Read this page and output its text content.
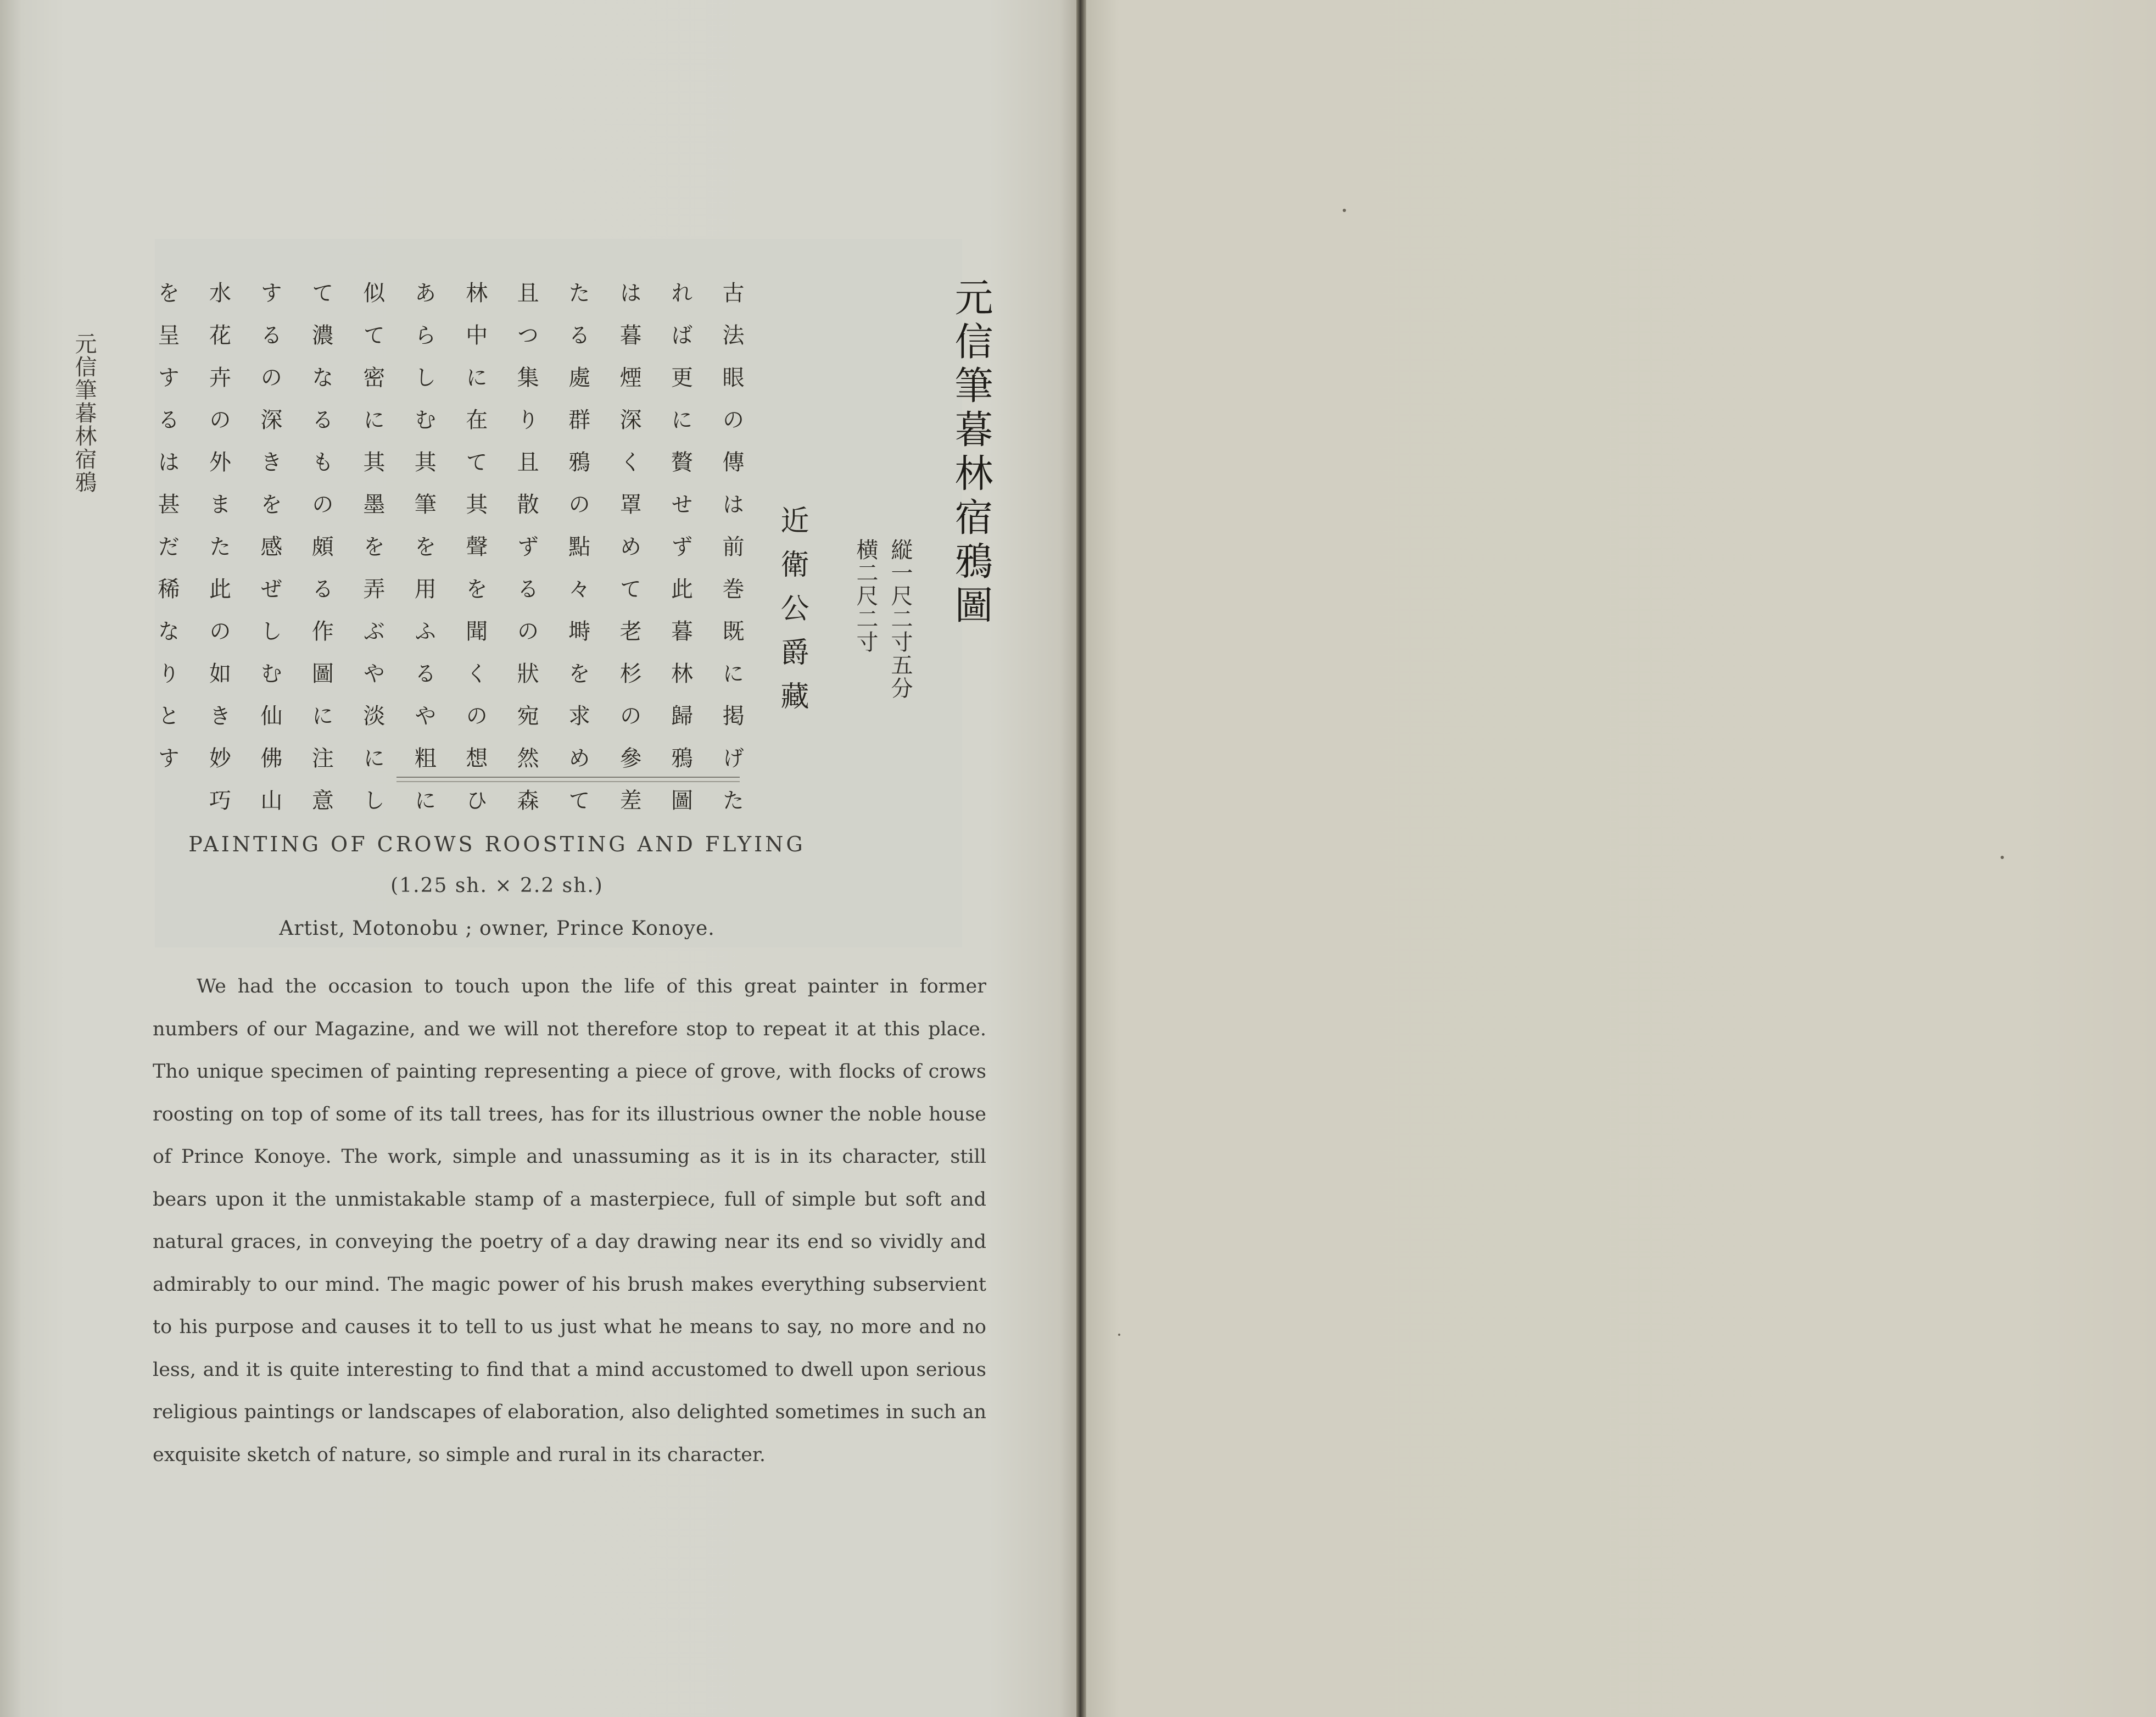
元信筆暮林宿鴉	元信筆暮林宿鴉圖
縦一尺二寸五分
横二尺二寸
近衛公爵藏
古法眼の傳は前巻既に掲げた
れば更に贅せず此暮林歸鴉圖
は暮煙深く罩めて老杉の參差
たる處群鴉の點々塒を求めて
且つ集り且散ずるの狀宛然森
林中に在て其聲を聞くの想ひ
あらしむ其筆を用ふるや粗に
似て密に其墨を弄ぶや淡にし
て濃なるもの頗る作圖に注意
するの深きを感ぜしむ仙佛山
水花卉の外また此の如き妙巧
を呈するは甚だ稀なりとす
PAINTING OF CROWS ROOSTING AND FLYING
(1.25 sh. × 2.2 sh.)
Artist, Motonobu ; owner, Prince Konoye.
We had the occasion to touch upon the life of this great painter in former
numbers of our Magazine, and we will not therefore stop to repeat it at this place.
Tho unique specimen of painting representing a piece of grove, with flocks of crows
roosting on top of some of its tall trees, has for its illustrious owner the noble house
of Prince Konoye. The work, simple and unassuming as it is in its character, still
bears upon it the unmistakable stamp of a masterpiece, full of simple but soft and
natural graces, in conveying the poetry of a day drawing near its end so vividly and
admirably to our mind. The magic power of his brush makes everything subservient
to his purpose and causes it to tell to us just what he means to say, no more and no
less, and it is quite interesting to find that a mind accustomed to dwell upon serious
religious paintings or landscapes of elaboration, also delighted sometimes in such an
exquisite sketch of nature, so simple and rural in its character.
